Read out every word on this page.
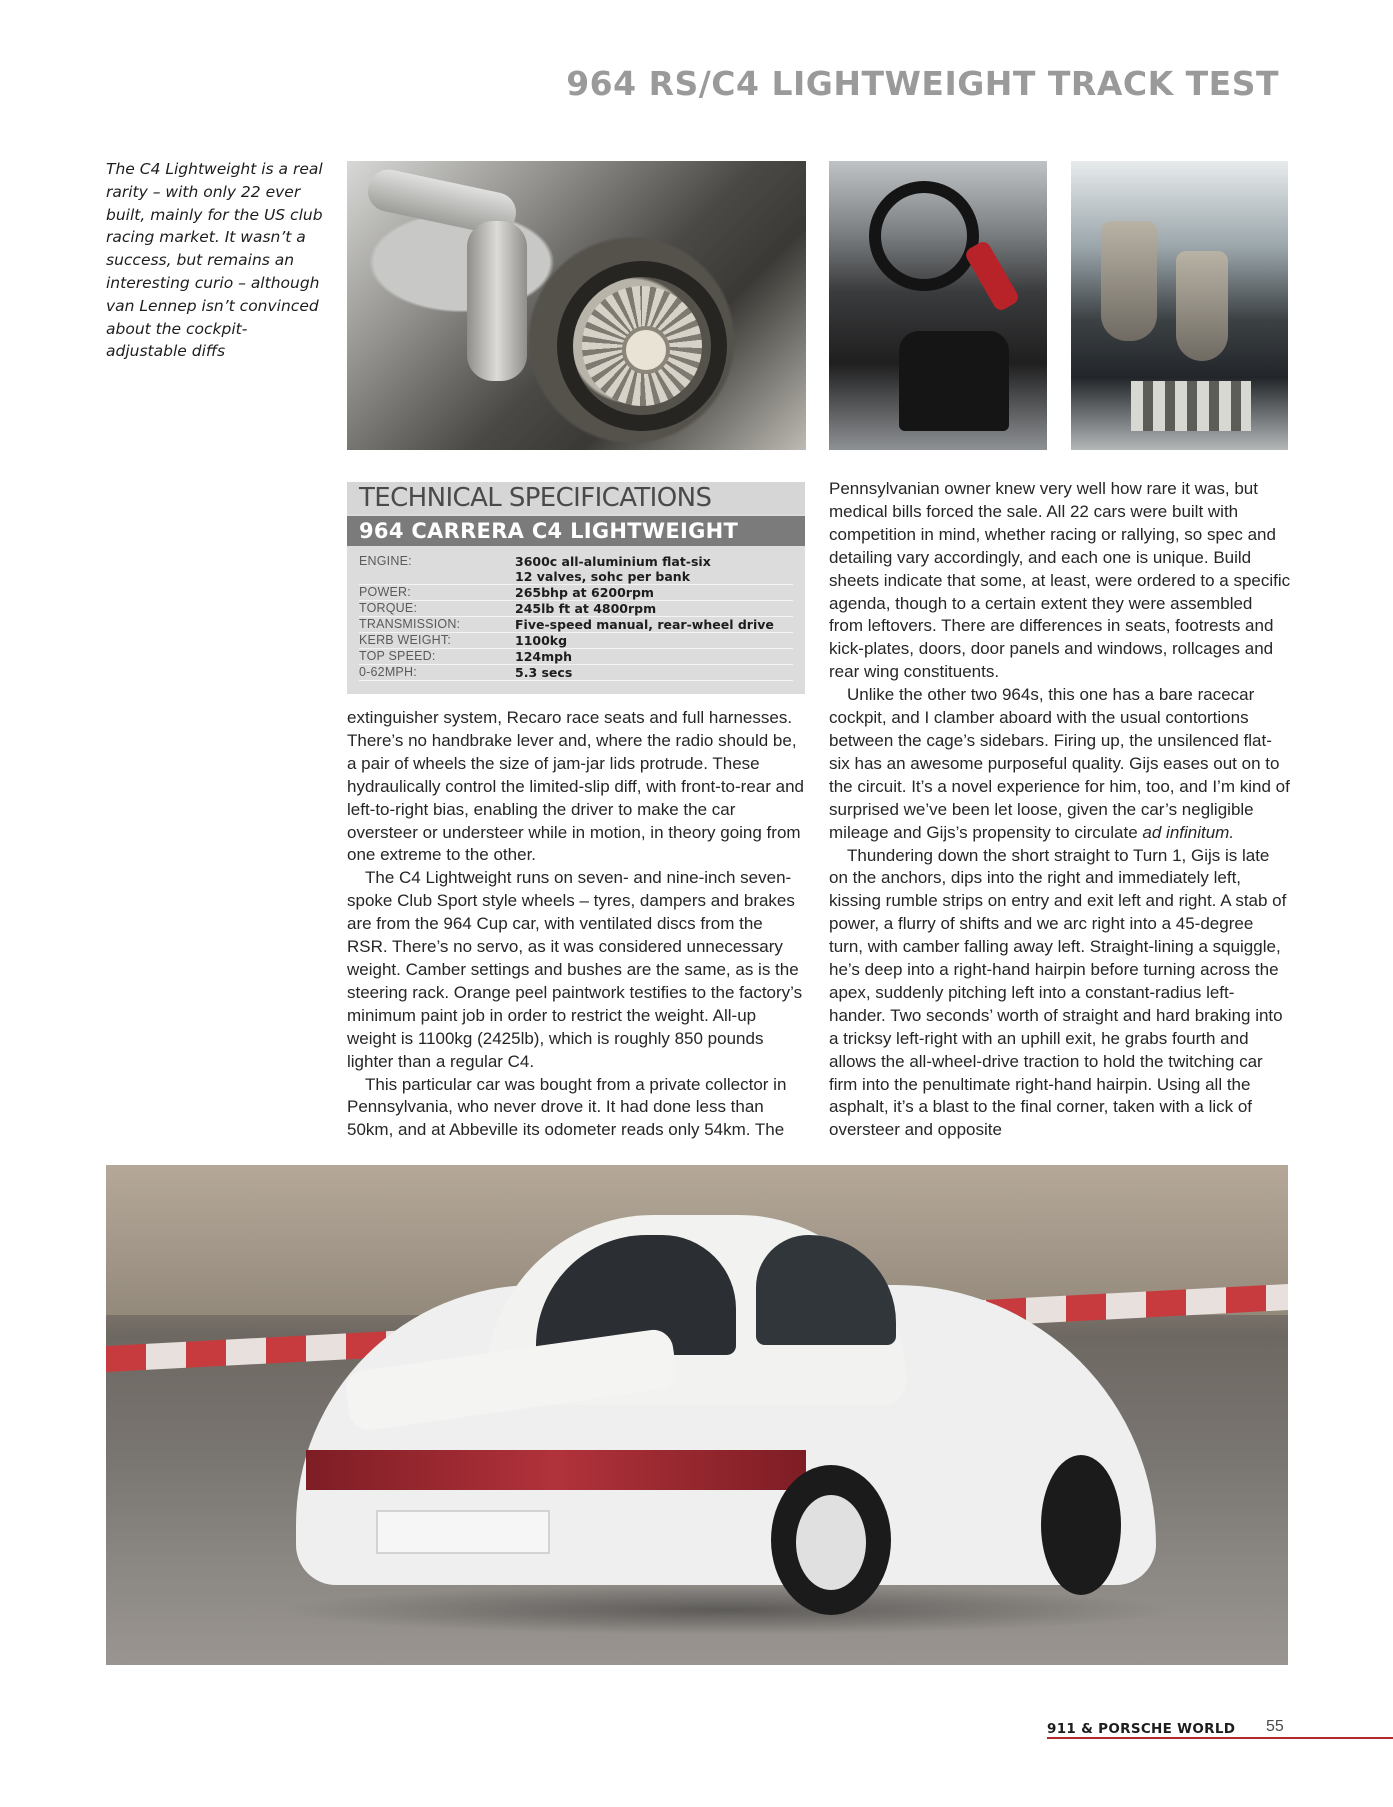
964 RS/C4 LIGHTWEIGHT TRACK TEST
The C4 Lightweight is a real rarity – with only 22 ever built, mainly for the US club racing market. It wasn’t a success, but remains an interesting curio – although van Lennep isn’t convinced about the cockpit-adjustable diffs
TECHNICAL SPECIFICATIONS
964 CARRERA C4 LIGHTWEIGHT
ENGINE:	3600c all-aluminium flat-six
12 valves, sohc per bank
POWER:	265bhp at 6200rpm
TORQUE:	245lb ft at 4800rpm
TRANSMISSION:	Five-speed manual, rear-wheel drive
KERB WEIGHT:	1100kg
TOP SPEED:	124mph
0-62MPH:	5.3 secs

extinguisher system, Recaro race seats and full harnesses. There’s no handbrake lever and, where the radio should be, a pair of wheels the size of jam-jar lids protrude. These hydraulically control the limited-slip diff, with front-to-rear and left-to-right bias, enabling the driver to make the car oversteer or understeer while in motion, in theory going from one extreme to the other.

The C4 Lightweight runs on seven- and nine-inch seven-spoke Club Sport style wheels – tyres, dampers and brakes are from the 964 Cup car, with ventilated discs from the RSR. There’s no servo, as it was considered unnecessary weight. Camber settings and bushes are the same, as is the steering rack. Orange peel paintwork testifies to the factory’s minimum paint job in order to restrict the weight. All-up weight is 1100kg (2425lb), which is roughly 850 pounds lighter than a regular C4.

This particular car was bought from a private collector in Pennsylvania, who never drove it. It had done less than 50km, and at Abbeville its odometer reads only 54km. The

Pennsylvanian owner knew very well how rare it was, but medical bills forced the sale. All 22 cars were built with competition in mind, whether racing or rallying, so spec and detailing vary accordingly, and each one is unique. Build sheets indicate that some, at least, were ordered to a specific agenda, though to a certain extent they were assembled from leftovers. There are differences in seats, footrests and kick-plates, doors, door panels and windows, rollcages and rear wing constituents.

Unlike the other two 964s, this one has a bare racecar cockpit, and I clamber aboard with the usual contortions between the cage’s sidebars. Firing up, the unsilenced flat-six has an awesome purposeful quality. Gijs eases out on to the circuit. It’s a novel experience for him, too, and I’m kind of surprised we’ve been let loose, given the car’s negligible mileage and Gijs’s propensity to circulate ad infinitum.

Thundering down the short straight to Turn 1, Gijs is late on the anchors, dips into the right and immediately left, kissing rumble strips on entry and exit left and right. A stab of power, a flurry of shifts and we arc right into a 45-degree turn, with camber falling away left. Straight-lining a squiggle, he’s deep into a right-hand hairpin before turning across the apex, suddenly pitching left into a constant-radius left-hander. Two seconds’ worth of straight and hard braking into a tricksy left-right with an uphill exit, he grabs fourth and allows the all-wheel-drive traction to hold the twitching car firm into the penultimate right-hand hairpin. Using all the asphalt, it’s a blast to the final corner, taken with a lick of oversteer and opposite

911 & PORSCHE WORLD 55
